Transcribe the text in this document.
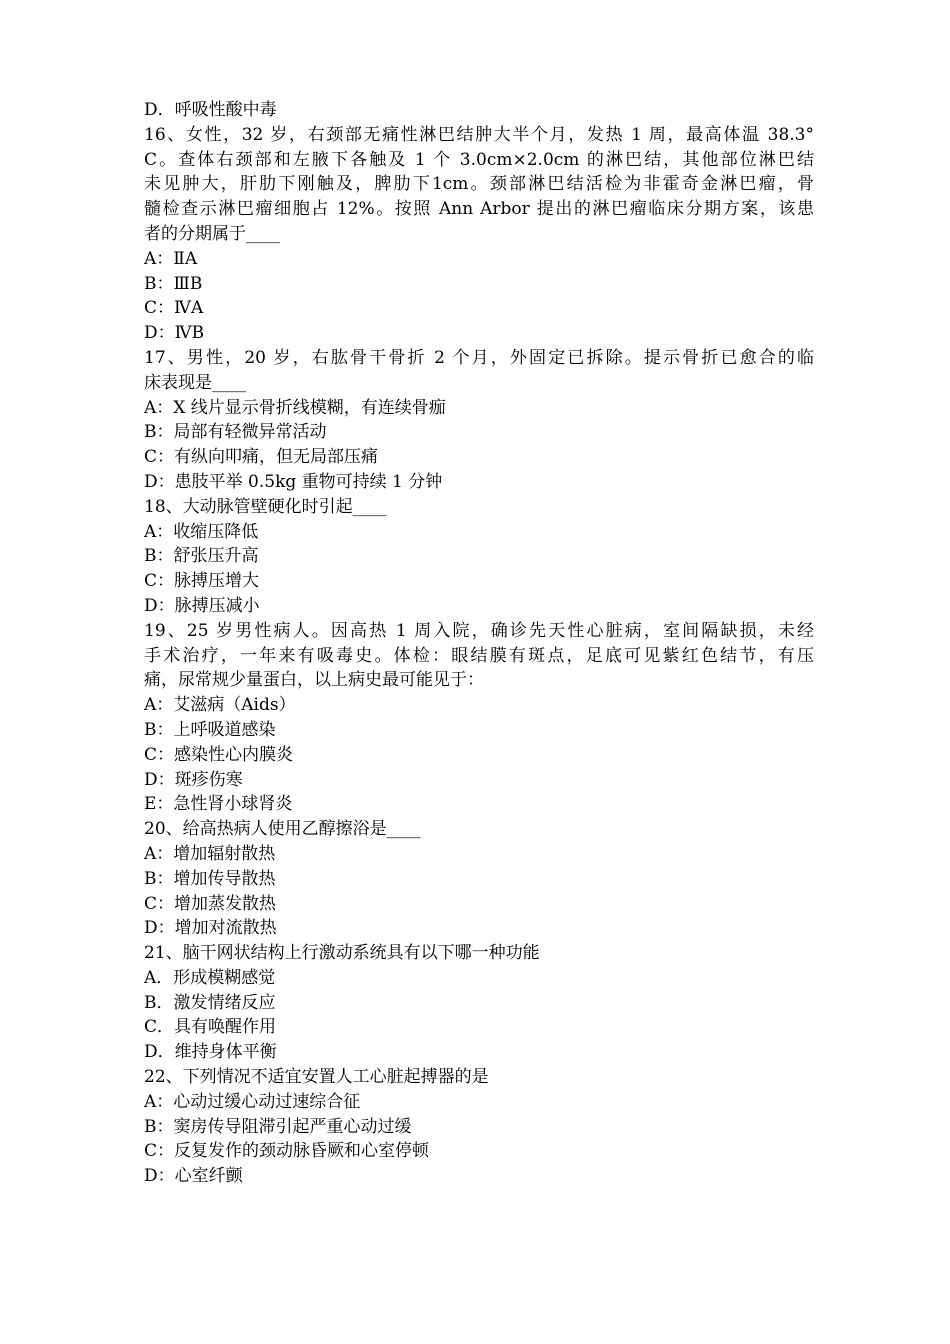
D．呼吸性酸中毒
16、女性，32 岁，右颈部无痛性淋巴结肿大半个月，发热 1 周，最高体温 38.3°
C。查体右颈部和左腋下各触及 1 个 3.0cm×2.0cm 的淋巴结，其他部位淋巴结
未见肿大，肝肋下刚触及，脾肋下1cm。颈部淋巴结活检为非霍奇金淋巴瘤，骨
髓检查示淋巴瘤细胞占 12%。按照 Ann Arbor 提出的淋巴瘤临床分期方案，该患
者的分期属于____
A：ⅡA
B：ⅢB
C：ⅣA
D：ⅣB
17、男性，20 岁，右肱骨干骨折 2 个月，外固定已拆除。提示骨折已愈合的临
床表现是____
A：X 线片显示骨折线模糊，有连续骨痂
B：局部有轻微异常活动
C：有纵向叩痛，但无局部压痛
D：患肢平举 0.5kg 重物可持续 1 分钟
18、大动脉管壁硬化时引起____
A：收缩压降低
B：舒张压升高
C：脉搏压增大
D：脉搏压减小
19、25 岁男性病人。因高热 1 周入院，确诊先天性心脏病，室间隔缺损，未经
手术治疗，一年来有吸毒史。体检：眼结膜有斑点，足底可见紫红色结节，有压
痛，尿常规少量蛋白，以上病史最可能见于：
A：艾滋病（Aids）
B：上呼吸道感染
C：感染性心内膜炎
D：斑疹伤寒
E：急性肾小球肾炎
20、给高热病人使用乙醇擦浴是____
A：增加辐射散热
B：增加传导散热
C：增加蒸发散热
D：增加对流散热
21、脑干网状结构上行激动系统具有以下哪一种功能
A．形成模糊感觉
B．激发情绪反应
C．具有唤醒作用
D．维持身体平衡
22、下列情况不适宜安置人工心脏起搏器的是
A：心动过缓心动过速综合征
B：窦房传导阻滞引起严重心动过缓
C：反复发作的颈动脉昏厥和心室停顿
D：心室纤颤
